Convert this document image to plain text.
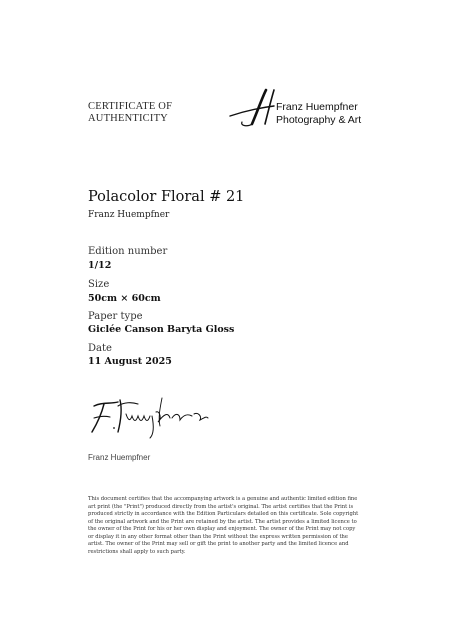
CERTIFICATE OF
AUTHENTICITY
Franz Huempfner
Photography & Art
Polacolor Floral # 21
Franz Huempfner
Edition number
1/12
Size
50cm × 60cm
Paper type
Giclée Canson Baryta Gloss
Date
11 August 2025
Franz Huempfner
This document certifies that the accompanying artwork is a genuine and authentic limited edition fine art print (the "Print") produced directly from the artist's original. The artist certifies that the Print is produced strictly in accordance with the Edition Particulars detailed on this certificate. Sole copyright of the original artwork and the Print are retained by the artist. The artist provides a limited licence to the owner of the Print for his or her own display and enjoyment. The owner of the Print may not copy or display it in any other format other than the Print without the express written permission of the artist. The owner of the Print may sell or gift the print to another party and the limited licence and restrictions shall apply to such party.
